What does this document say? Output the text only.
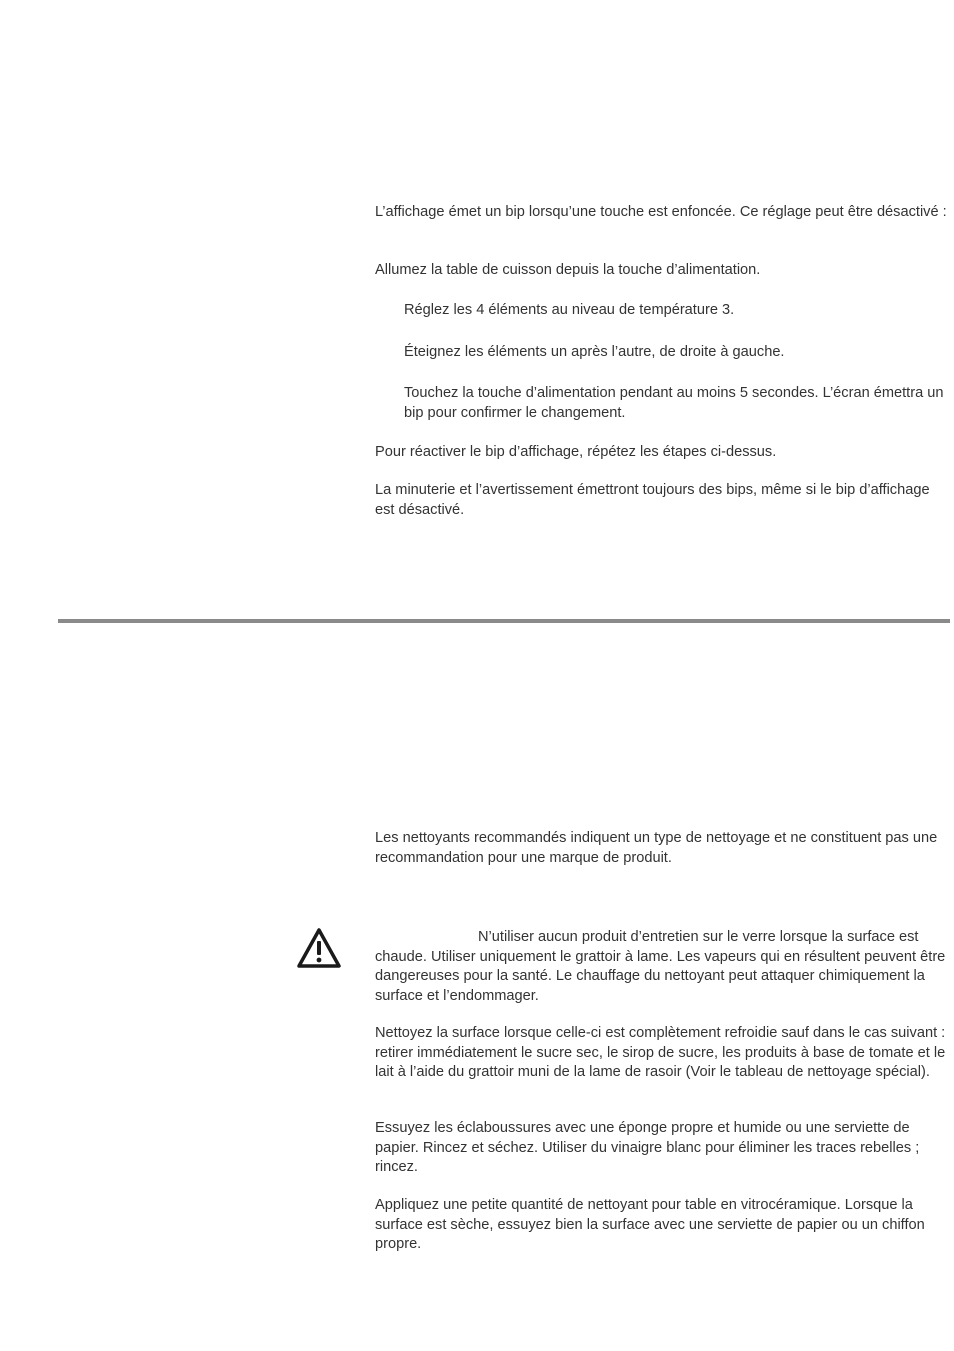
L’affichage émet un bip lorsqu’une touche est enfoncée. Ce réglage peut être désactivé :

Allumez la table de cuisson depuis la touche d’alimentation.

Réglez les 4 éléments au niveau de température 3.

Éteignez les éléments un après l’autre, de droite à gauche.

Touchez la touche d’alimentation pendant au moins 5 secondes. L’écran émettra un bip pour confirmer le changement.

Pour réactiver le bip d’affichage, répétez les étapes ci-dessus.

La minuterie et l’avertissement émettront toujours des bips, même si le bip d’affichage est désactivé.

Les nettoyants recommandés indiquent un type de nettoyage et ne constituent pas une recommandation pour une marque de produit.

N’utiliser aucun produit d’entretien sur le verre lorsque la surface est chaude. Utiliser uniquement le grattoir à lame. Les vapeurs qui en résultent peuvent être dangereuses pour la santé. Le chauffage du nettoyant peut attaquer chimiquement la surface et l’endommager.

Nettoyez la surface lorsque celle-ci est complètement refroidie sauf dans le cas suivant : retirer immédiatement le sucre sec, le sirop de sucre, les produits à base de tomate et le lait à l’aide du grattoir muni de la lame de rasoir (Voir le tableau de nettoyage spécial).

Essuyez les éclaboussures avec une éponge propre et humide ou une serviette de papier. Rincez et séchez. Utiliser du vinaigre blanc pour éliminer les traces rebelles ; rincez.

Appliquez une petite quantité de nettoyant pour table en vitrocéramique. Lorsque la surface est sèche, essuyez bien la surface avec une serviette de papier ou un chiffon propre.
